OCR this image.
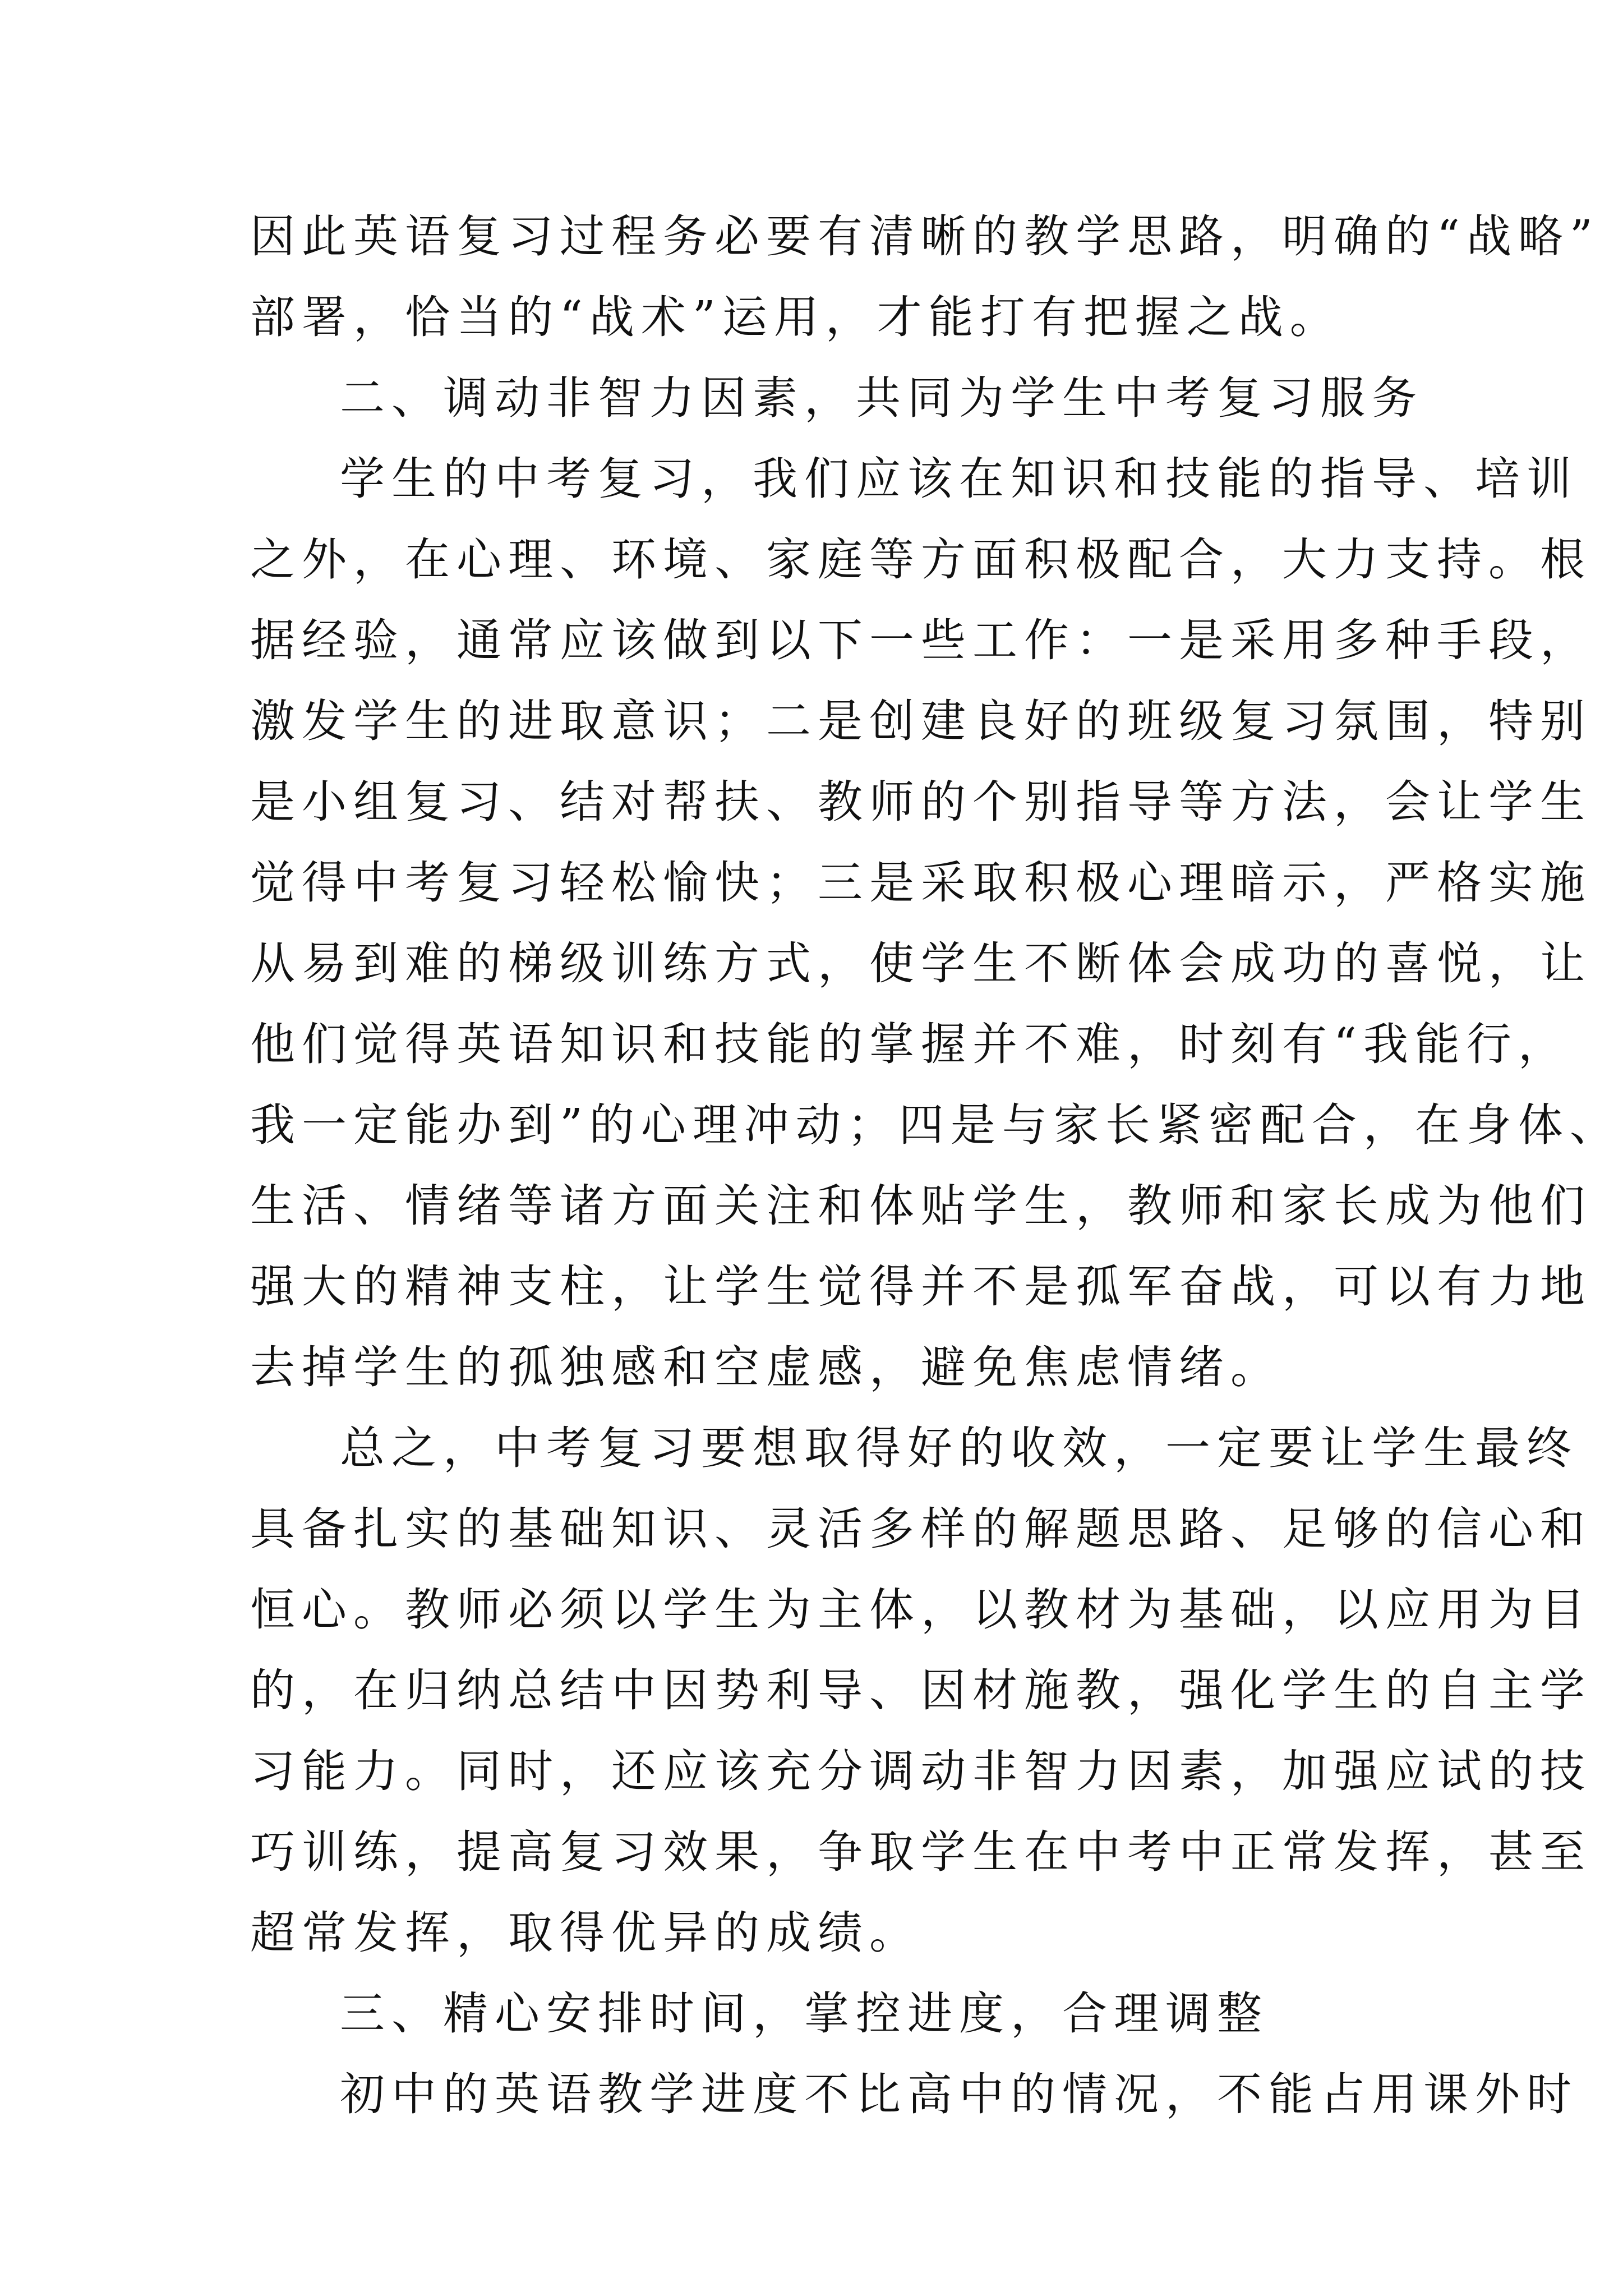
因此英语复习过程务必要有清晰的教学思路，明确的“战略”
部署，恰当的“战术”运用，才能打有把握之战。
二、调动非智力因素，共同为学生中考复习服务
学生的中考复习，我们应该在知识和技能的指导、培训
之外，在心理、环境、家庭等方面积极配合，大力支持。根
据经验，通常应该做到以下一些工作：一是采用多种手段，
激发学生的进取意识；二是创建良好的班级复习氛围，特别
是小组复习、结对帮扶、教师的个别指导等方法，会让学生
觉得中考复习轻松愉快；三是采取积极心理暗示，严格实施
从易到难的梯级训练方式，使学生不断体会成功的喜悦，让
他们觉得英语知识和技能的掌握并不难，时刻有“我能行，
我一定能办到”的心理冲动；四是与家长紧密配合，在身体、
生活、情绪等诸方面关注和体贴学生，教师和家长成为他们
强大的精神支柱，让学生觉得并不是孤军奋战，可以有力地
去掉学生的孤独感和空虚感，避免焦虑情绪。
总之，中考复习要想取得好的收效，一定要让学生最终
具备扎实的基础知识、灵活多样的解题思路、足够的信心和
恒心。教师必须以学生为主体，以教材为基础，以应用为目
的，在归纳总结中因势利导、因材施教，强化学生的自主学
习能力。同时，还应该充分调动非智力因素，加强应试的技
巧训练，提高复习效果，争取学生在中考中正常发挥，甚至
超常发挥，取得优异的成绩。
三、精心安排时间，掌控进度，合理调整
初中的英语教学进度不比高中的情况，不能占用课外时
